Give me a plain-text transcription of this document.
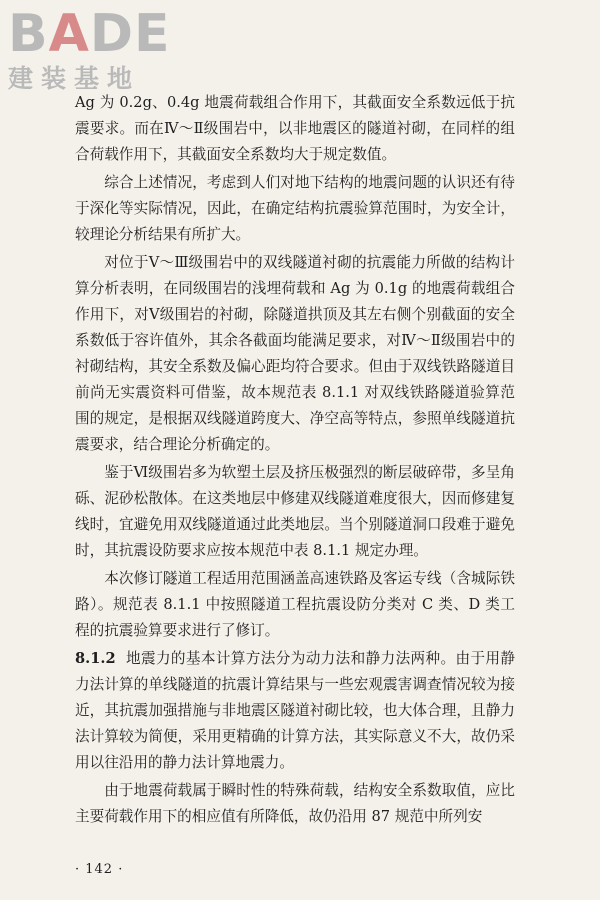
BADE
建装基地

Ag 为 0.2g、0.4g 地震荷载组合作用下，其截面安全系数远低于抗震要求。而在Ⅳ～Ⅱ级围岩中，以非地震区的隧道衬砌，在同样的组合荷载作用下，其截面安全系数均大于规定数值。

综合上述情况，考虑到人们对地下结构的地震问题的认识还有待于深化等实际情况，因此，在确定结构抗震验算范围时，为安全计，较理论分析结果有所扩大。

对位于Ⅴ～Ⅲ级围岩中的双线隧道衬砌的抗震能力所做的结构计算分析表明，在同级围岩的浅埋荷载和 Ag 为 0.1g 的地震荷载组合作用下，对Ⅴ级围岩的衬砌，除隧道拱顶及其左右侧个别截面的安全系数低于容许值外，其余各截面均能满足要求，对Ⅳ～Ⅱ级围岩中的衬砌结构，其安全系数及偏心距均符合要求。但由于双线铁路隧道目前尚无实震资料可借鉴，故本规范表 8.1.1 对双线铁路隧道验算范围的规定，是根据双线隧道跨度大、净空高等特点，参照单线隧道抗震要求，结合理论分析确定的。

鉴于Ⅵ级围岩多为软塑土层及挤压极强烈的断层破碎带，多呈角砾、泥砂松散体。在这类地层中修建双线隧道难度很大，因而修建复线时，宜避免用双线隧道通过此类地层。当个别隧道洞口段难于避免时，其抗震设防要求应按本规范中表 8.1.1 规定办理。

本次修订隧道工程适用范围涵盖高速铁路及客运专线（含城际铁路）。规范表 8.1.1 中按照隧道工程抗震设防分类对 C 类、D 类工程的抗震验算要求进行了修订。

8.1.2 地震力的基本计算方法分为动力法和静力法两种。由于用静力法计算的单线隧道的抗震计算结果与一些宏观震害调查情况较为接近，其抗震加强措施与非地震区隧道衬砌比较，也大体合理，且静力法计算较为简便，采用更精确的计算方法，其实际意义不大，故仍采用以往沿用的静力法计算地震力。

由于地震荷载属于瞬时性的特殊荷载，结构安全系数取值，应比主要荷载作用下的相应值有所降低，故仍沿用 87 规范中所列安

· 142 ·
